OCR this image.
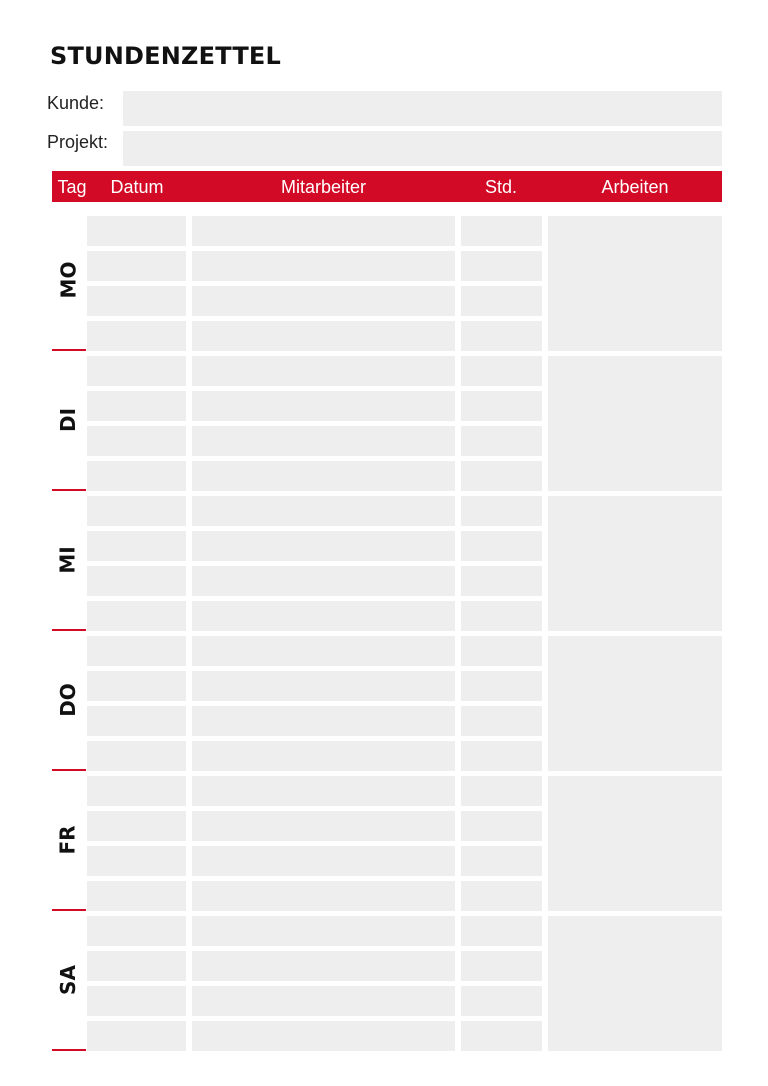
STUNDENZETTEL
Kunde:
Projekt:
Tag	Datum	Mitarbeiter	Std.	Arbeiten
MO
DI
MI
DO
FR
SA
